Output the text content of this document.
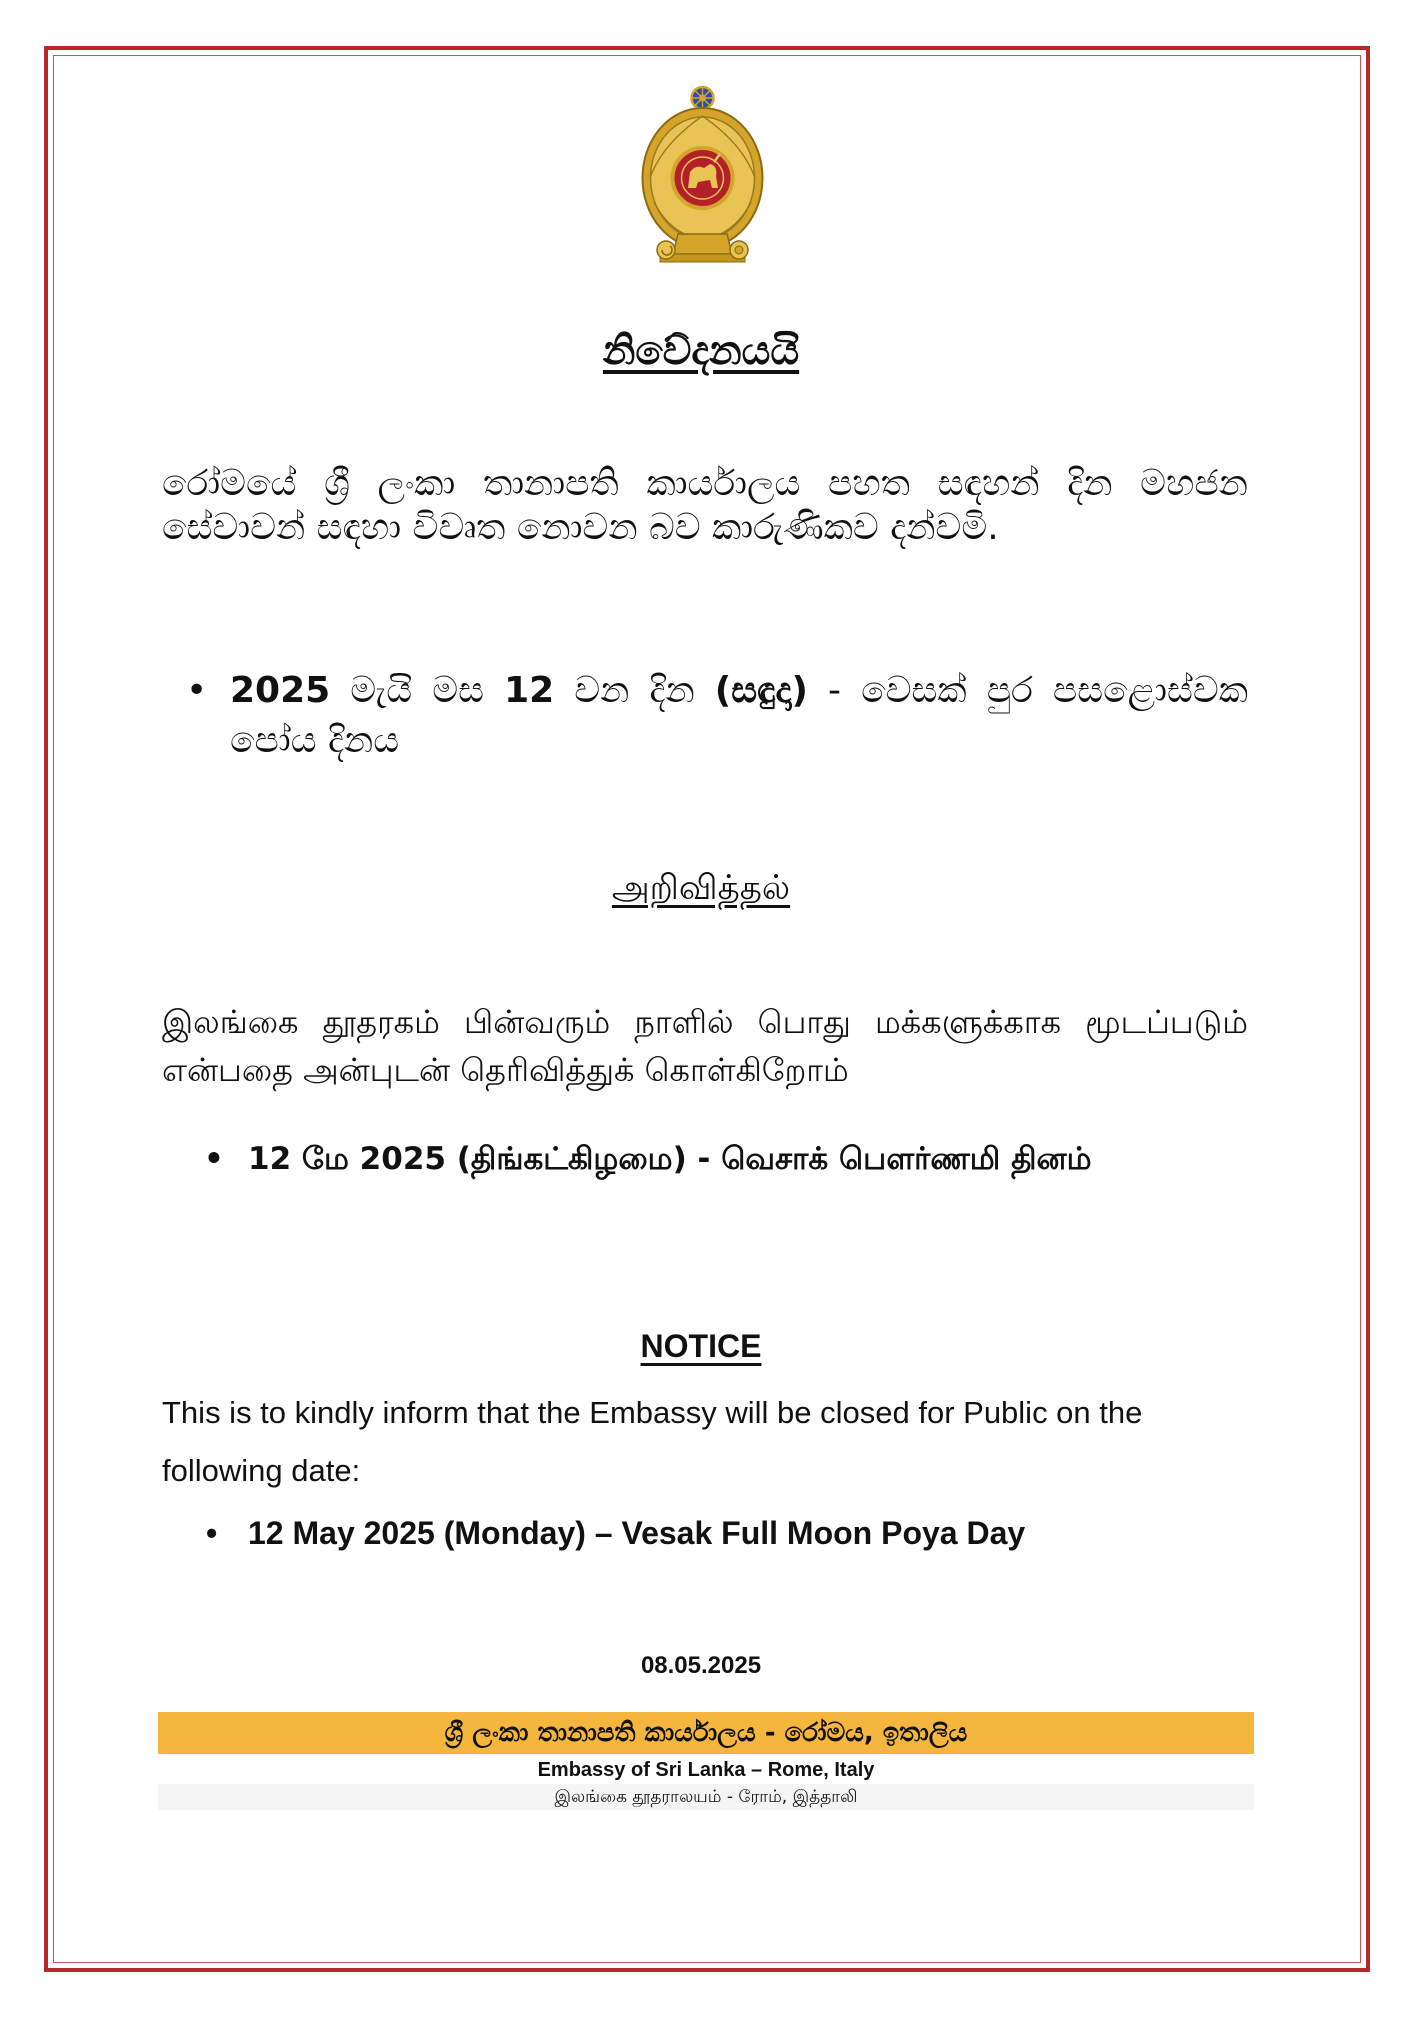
නිවේදනයයි
රෝමයේ ශ්‍රී ලංකා තානාපති කාර්යාලය පහත සඳහන් දින මහජන සේවාවන් සඳහා විවෘත නොවන බව කාරුණිකව දන්වමි.
• 2025 මැයි මස 12 වන දින (සඳුදා) - වෙසක් පුර පසළොස්වක පෝය දිනය
அறிவித்தல்
இலங்கை தூதரகம் பின்வரும் நாளில் பொது மக்களுக்காக மூடப்படும் என்பதை அன்புடன் தெரிவித்துக் கொள்கிறோம்
• 12 மே 2025 (திங்கட்கிழமை) - வெசாக் பௌர்ணமி தினம்
NOTICE
This is to kindly inform that the Embassy will be closed for Public on the following date:
• 12 May 2025 (Monday) – Vesak Full Moon Poya Day
08.05.2025
ශ්‍රී ලංකා තානාපති කාර්යාලය - රෝමය, ඉතාලිය
Embassy of Sri Lanka – Rome, Italy
இலங்கை தூதராலயம் - ரோம், இத்தாலி
